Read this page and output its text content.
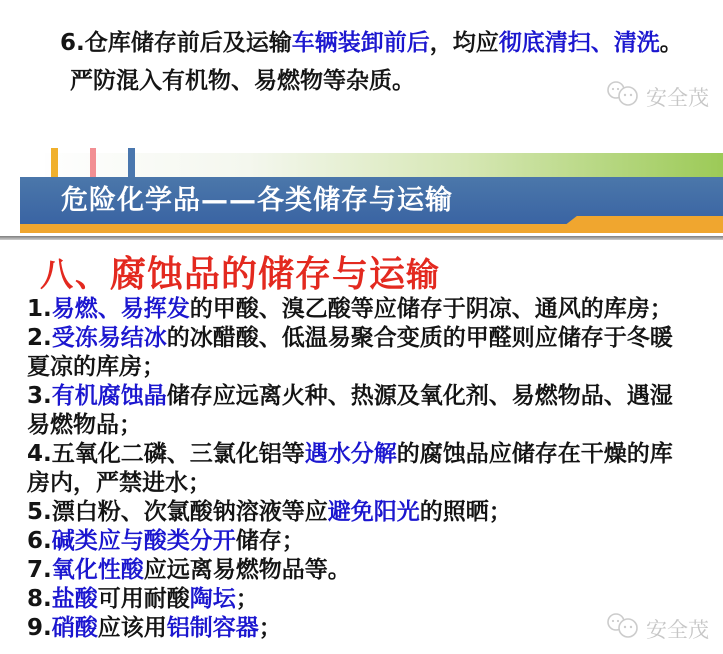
6.仓库储存前后及运输车辆装卸前后，均应彻底清扫、清洗。
严防混入有机物、易燃物等杂质。
安全茂
危险化学品——各类储存与运输
八、 腐蚀品的储存与运 输
1.易燃、易挥发的甲酸、溴乙酸等应储存于阴凉、通风的库房；
2.受冻易结冰的冰醋酸、低温易聚合变质的甲醛则应储存于冬暖
夏凉的库房；
3.有机腐蚀晶储存应远离火种、热源及氧化剂、易燃物品、遇湿
易燃物品；
4.五氧化二磷、三氯化铝等遇水分解的腐蚀品应储存在干燥的库
房内，严禁进水；
5.漂白粉、次氯酸钠溶液等应避免阳光的照晒；
6.碱类应与酸类分开储存；
7.氧化性酸应远离易燃物品等。
8.盐酸可用耐酸陶坛；
9.硝酸应该用铝制容器；	安全茂
